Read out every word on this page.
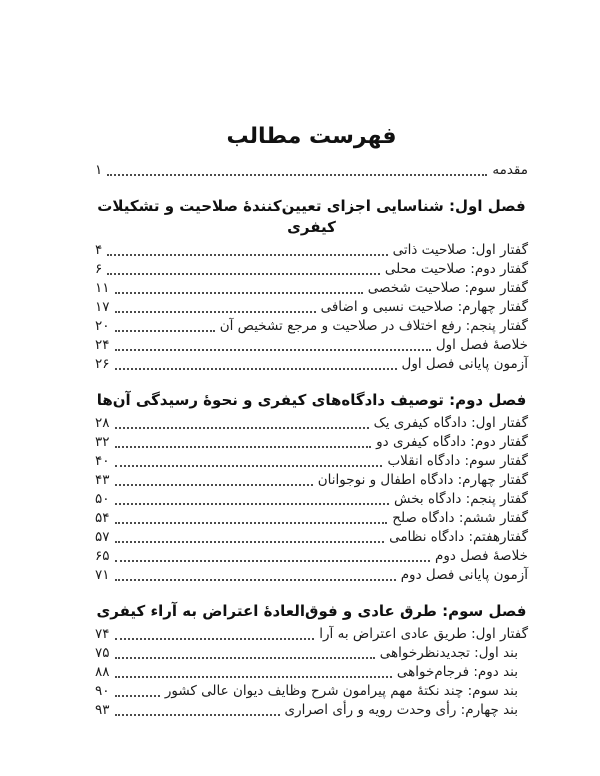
فهرست مطالب
مقدمه
۱
فصل اول: شناسایی اجزای تعیین‌کنندهٔ صلاحیت و تشکیلات کیفری
گفتار اول: صلاحیت ذاتی
۴
گفتار دوم: صلاحیت محلی
۶
گفتار سوم: صلاحیت شخصی
۱۱
گفتار چهارم: صلاحیت نسبی و اضافی
۱۷
گفتار پنجم: رفع اختلاف در صلاحیت و مرجع تشخیص آن
۲۰
خلاصهٔ فصل اول
۲۴
آزمون پایانی فصل اول
۲۶
فصل دوم: توصیف دادگاه‌های کیفری و نحوهٔ رسیدگی آن‌ها
گفتار اول: دادگاه کیفری یک
۲۸
گفتار دوم: دادگاه کیفری دو
۳۲
گفتار سوم: دادگاه انقلاب
۴۰
گفتار چهارم: دادگاه اطفال و نوجوانان
۴۳
گفتار پنجم: دادگاه بخش
۵۰
گفتار ششم: دادگاه صلح
۵۴
گفتارهفتم: دادگاه نظامی
۵۷
خلاصهٔ فصل دوم
۶۵
آزمون پایانی فصل دوم
۷۱
فصل سوم: طرق عادی و فوق‌العادهٔ اعتراض به آراء کیفری
گفتار اول: طریق عادی اعتراض به آرا
۷۴
بند اول: تجدیدنظرخواهی
۷۵
بند دوم: فرجام‌خواهی
۸۸
بند سوم: چند نکتهٔ مهم پیرامون شرح وظایف دیوان عالی کشور
۹۰
بند چهارم: رأی وحدت رویه و رأی اصراری
۹۳
